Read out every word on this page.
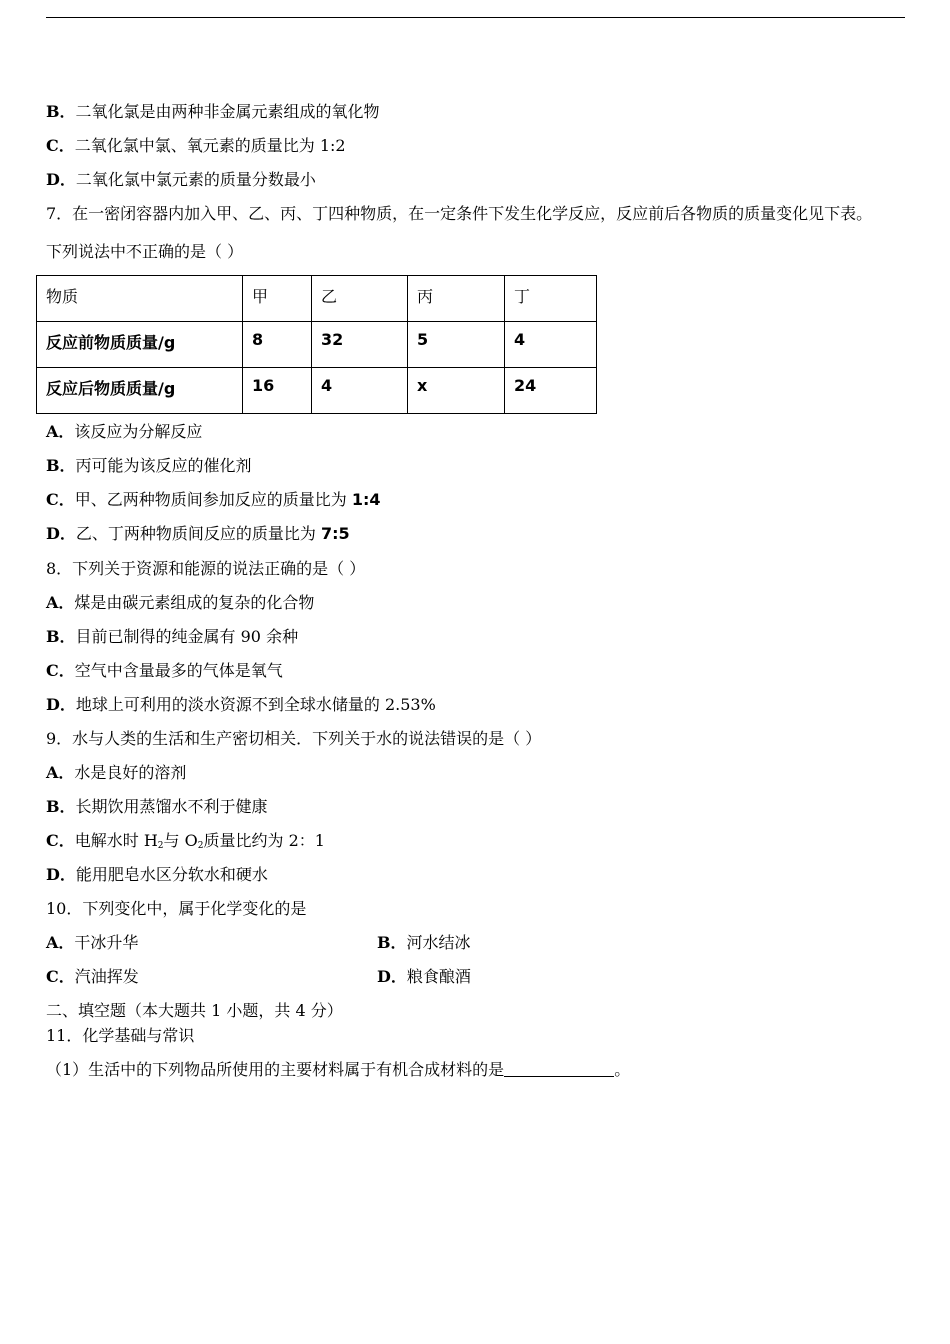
B．二氧化氯是由两种非金属元素组成的氧化物
C．二氧化氯中氯、氧元素的质量比为 1:2
D．二氧化氯中氯元素的质量分数最小
7．在一密闭容器内加入甲、乙、丙、丁四种物质，在一定条件下发生化学反应，反应前后各物质的质量变化见下表。
下列说法中不正确的是（ ）
物质	甲	乙	丙	丁
反应前物质质量/g	8	32	5	4
反应后物质质量/g	16	4	x	24
A．该反应为分解反应
B．丙可能为该反应的催化剂
C．甲、乙两种物质间参加反应的质量比为 1:4
D．乙、丁两种物质间反应的质量比为 7:5
8．下列关于资源和能源的说法正确的是（ ）
A．煤是由碳元素组成的复杂的化合物
B．目前已制得的纯金属有 90 余种
C．空气中含量最多的气体是氧气
D．地球上可利用的淡水资源不到全球水储量的 2.53%
9．水与人类的生活和生产密切相关．下列关于水的说法错误的是（ ）
A．水是良好的溶剂
B．长期饮用蒸馏水不利于健康
C．电解水时 $H_2$与 $O_2$质量比约为 2：1
D．能用肥皂水区分软水和硬水
10．下列变化中，属于化学变化的是
A．干冰升华	B．河水结冰
C．汽油挥发	D．粮食酿酒
二、填空题（本大题共 1 小题，共 4 分）
11．化学基础与常识
（1）生活中的下列物品所使用的主要材料属于有机合成材料的是	。
